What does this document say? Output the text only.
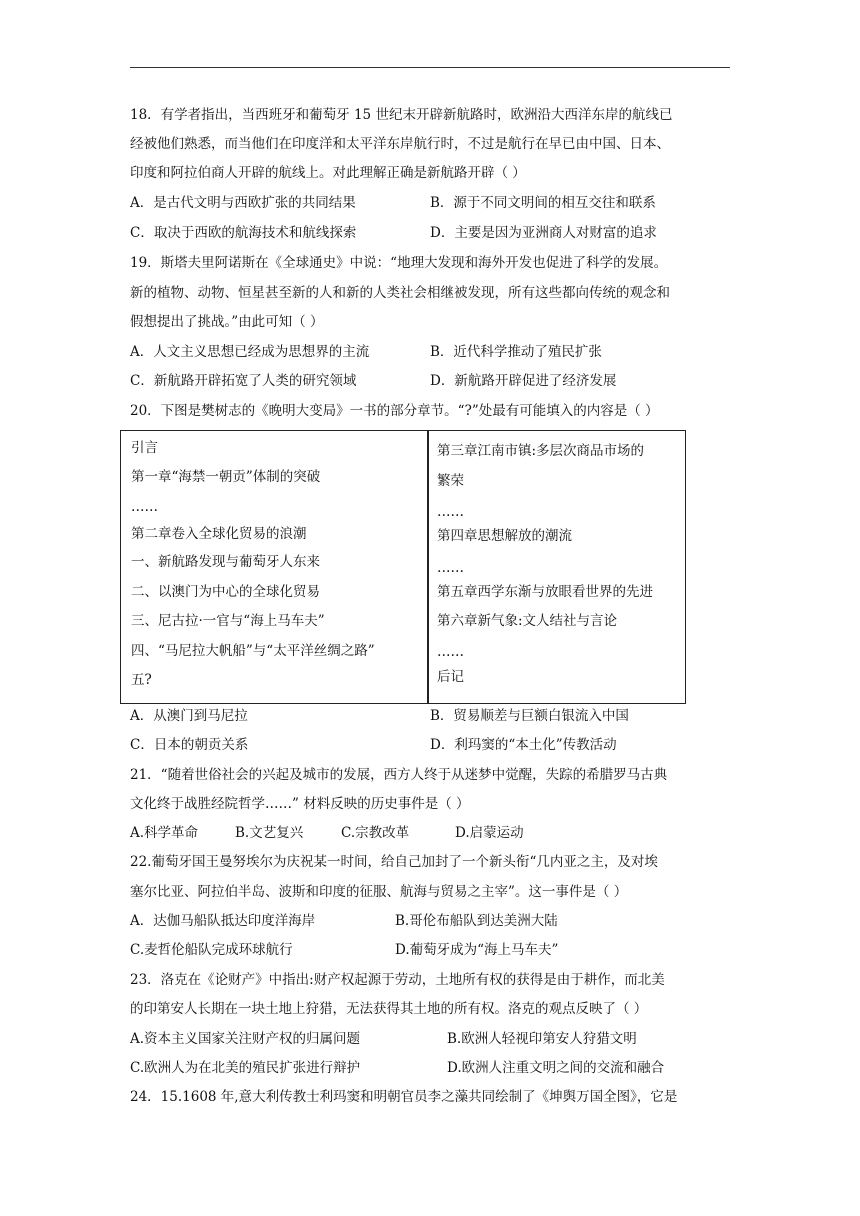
18．有学者指出，当西班牙和葡萄牙 15 世纪末开辟新航路时，欧洲沿大西洋东岸的航线已
经被他们熟悉，而当他们在印度洋和太平洋东岸航行时，不过是航行在早已由中国、日本、
印度和阿拉伯商人开辟的航线上。对此理解正确是新航路开辟（ ）
A．是古代文明与西欧扩张的共同结果	B．源于不同文明间的相互交往和联系
C．取决于西欧的航海技术和航线探索	D．主要是因为亚洲商人对财富的追求
19．斯塔夫里阿诺斯在《全球通史》中说：“地理大发现和海外开发也促进了科学的发展。
新的植物、动物、恒星甚至新的人和新的人类社会相继被发现，所有这些都向传统的观念和
假想提出了挑战。”由此可知（ ）
A．人文主义思想已经成为思想界的主流	B．近代科学推动了殖民扩张
C．新航路开辟拓宽了人类的研究领域	D．新航路开辟促进了经济发展
20．下图是樊树志的《晚明大变局》一书的部分章节。“?”处最有可能填入的内容是（ ）
引言
第一章“海禁一朝贡”体制的突破
……
第二章卷入全球化贸易的浪潮
一、新航路发现与葡萄牙人东来
二、以澳门为中心的全球化贸易
三、尼古拉·一官与“海上马车夫”
四、“马尼拉大帆船”与“太平洋丝绸之路”
五?
第三章江南市镇:多层次商品市场的
繁荣
……
第四章思想解放的潮流
……
第五章西学东渐与放眼看世界的先进
第六章新气象:文人结社与言论
……
后记
A．从澳门到马尼拉	B．贸易顺差与巨额白银流入中国
C．日本的朝贡关系	D．利玛窦的“本土化”传教活动
21．“随着世俗社会的兴起及城市的发展，西方人终于从迷梦中觉醒，失踪的希腊罗马古典
文化终于战胜经院哲学……” 材料反映的历史事件是（ ）
A.科学革命	B.文艺复兴	C.宗教改革	D.启蒙运动
22.葡萄牙国王曼努埃尔为庆祝某一时间，给自己加封了一个新头衔“几内亚之主，及对埃
塞尔比亚、阿拉伯半岛、波斯和印度的征服、航海与贸易之主宰”。这一事件是（ ）
A．达伽马船队抵达印度洋海岸	B.哥伦布船队到达美洲大陆
C.麦哲伦船队完成环球航行	D.葡萄牙成为“海上马车夫”
23．洛克在《论财产》中指出:财产权起源于劳动，土地所有权的获得是由于耕作，而北美
的印第安人长期在一块土地上狩猎，无法获得其土地的所有权。洛克的观点反映了（ ）
A.资本主义国家关注财产权的归属问题	B.欧洲人轻视印第安人狩猎文明
C.欧洲人为在北美的殖民扩张进行辩护	D.欧洲人注重文明之间的交流和融合
24．15.1608 年,意大利传教士利玛窦和明朝官员李之藻共同绘制了《坤舆万国全图》，它是
